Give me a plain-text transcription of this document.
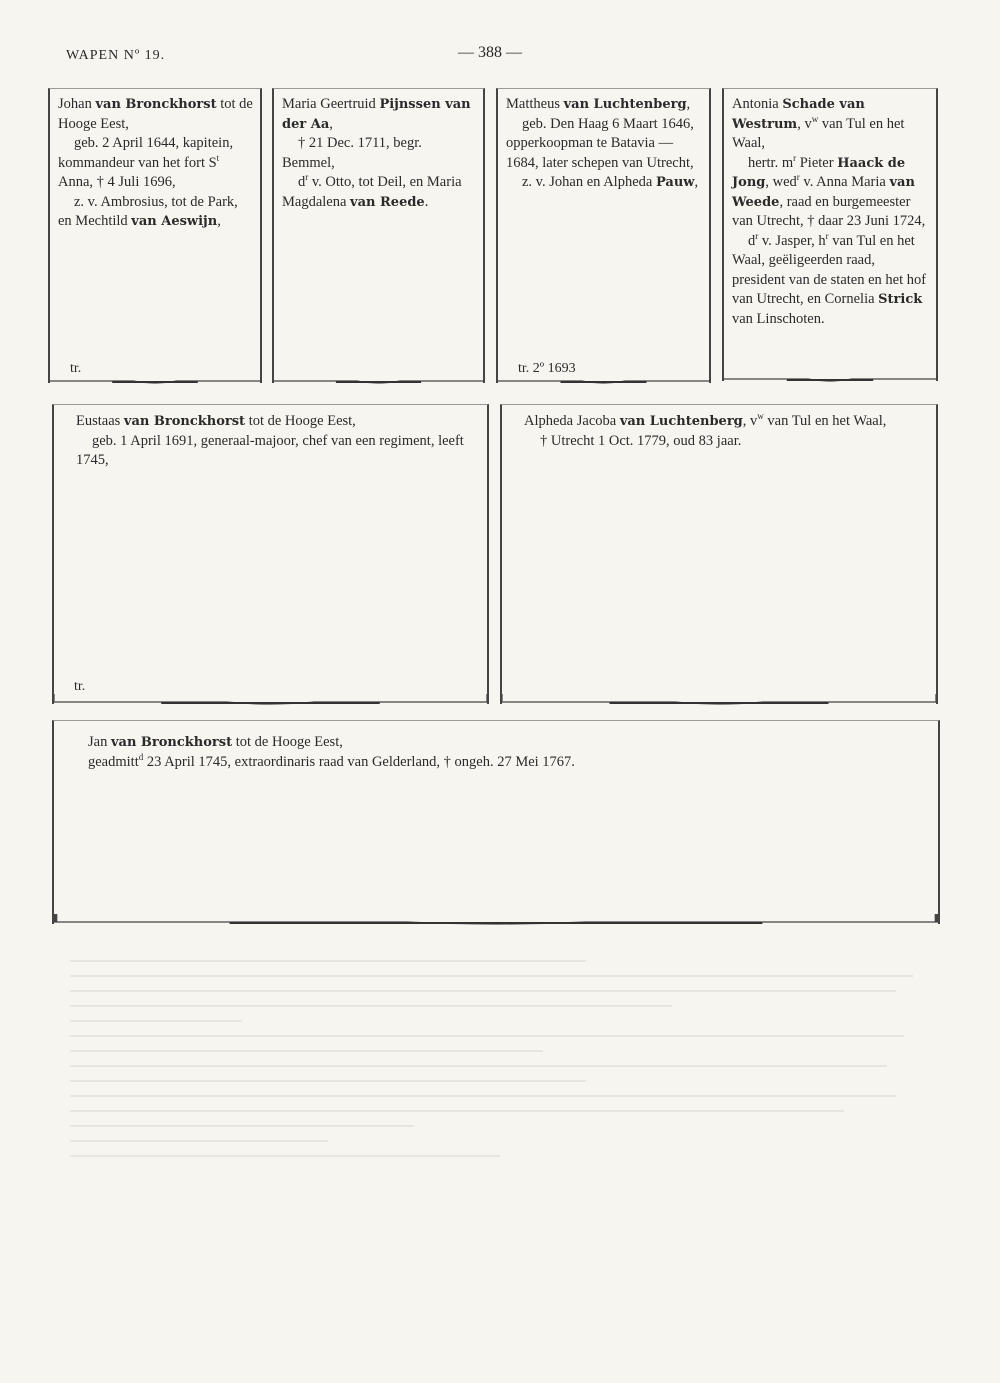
WAPEN Nº 19.	— 388 —

Johan van Bronckhorst tot de Hooge Eest,

geb. 2 April 1644, kapitein, kommandeur van het fort $S^t$ Anna, † 4 Juli 1696,

z. v. Ambrosius, tot de Park, en Mechtild van Aeswijn,

tr.

Maria Geertruid Pijnssen van der Aa,

† 21 Dec. 1711, begr. Bemmel,

$d^r$ v. Otto, tot Deil, en Maria Magdalena van Reede.

Mattheus van Luchtenberg,

geb. Den Haag 6 Maart 1646, opperkoopman te Batavia — 1684, later schepen van Utrecht,

z. v. Johan en Alpheda Pauw,

tr. 2º 1693

Antonia Schade van Westrum, $v^w$ van Tul en het Waal,

hertr. $m^r$ Pieter Haack de Jong, wed$^r$ v. Anna Maria van Weede, raad en burgemeester van Utrecht, † daar 23 Juni 1724,

$d^r$ v. Jasper, $h^r$ van Tul en het Waal, geëligeerden raad, president van de staten en het hof van Utrecht, en Cornelia Strick van Linschoten.

Eustaas van Bronckhorst tot de Hooge Eest,

geb. 1 April 1691, generaal-majoor, chef van een regiment, leeft 1745,

tr.

Alpheda Jacoba van Luchtenberg, $v^w$ van Tul en het Waal,

† Utrecht 1 Oct. 1779, oud 83 jaar.

Jan van Bronckhorst tot de Hooge Eest,

geadmitt$^d$ 23 April 1745, extraordinaris raad van Gelderland, † ongeh. 27 Mei 1767.
